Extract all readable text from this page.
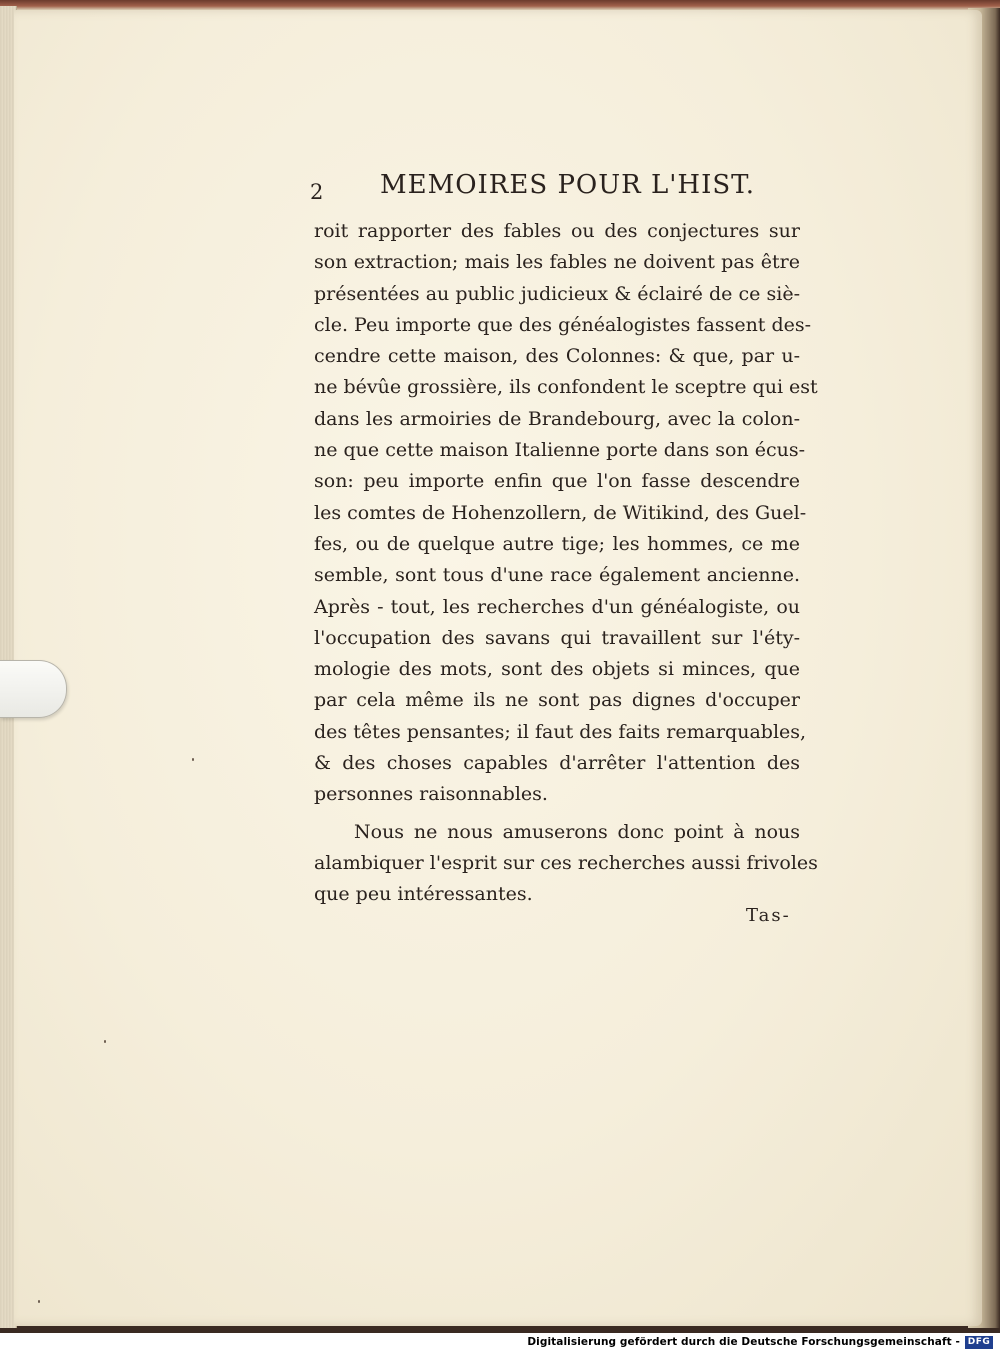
2 MEMOIRES POUR L'HIST.
roit rapporter des fables ou des conjectures sur
son extraction; mais les fables ne doivent pas être
présentées au public judicieux & éclairé de ce siè-
cle. Peu importe que des généalogistes fassent des-
cendre cette maison, des Colonnes: & que, par u-
ne bévûe grossière, ils confondent le sceptre qui est
dans les armoiries de Brandebourg, avec la colon-
ne que cette maison Italienne porte dans son écus-
son: peu importe enfin que l'on fasse descendre
les comtes de Hohenzollern, de Witikind, des Guel-
fes, ou de quelque autre tige; les hommes, ce me
semble, sont tous d'une race également ancienne.
Après - tout, les recherches d'un généalogiste, ou
l'occupation des savans qui travaillent sur l'éty-
mologie des mots, sont des objets si minces, que
par cela même ils ne sont pas dignes d'occuper
des têtes pensantes; il faut des faits remarquables,
& des choses capables d'arrêter l'attention des
personnes raisonnables.
Nous ne nous amuserons donc point à nous
alambiquer l'esprit sur ces recherches aussi frivoles
que peu intéressantes.
Tas-
Digitalisierung gefördert durch die Deutsche Forschungsgemeinschaft - DFG
